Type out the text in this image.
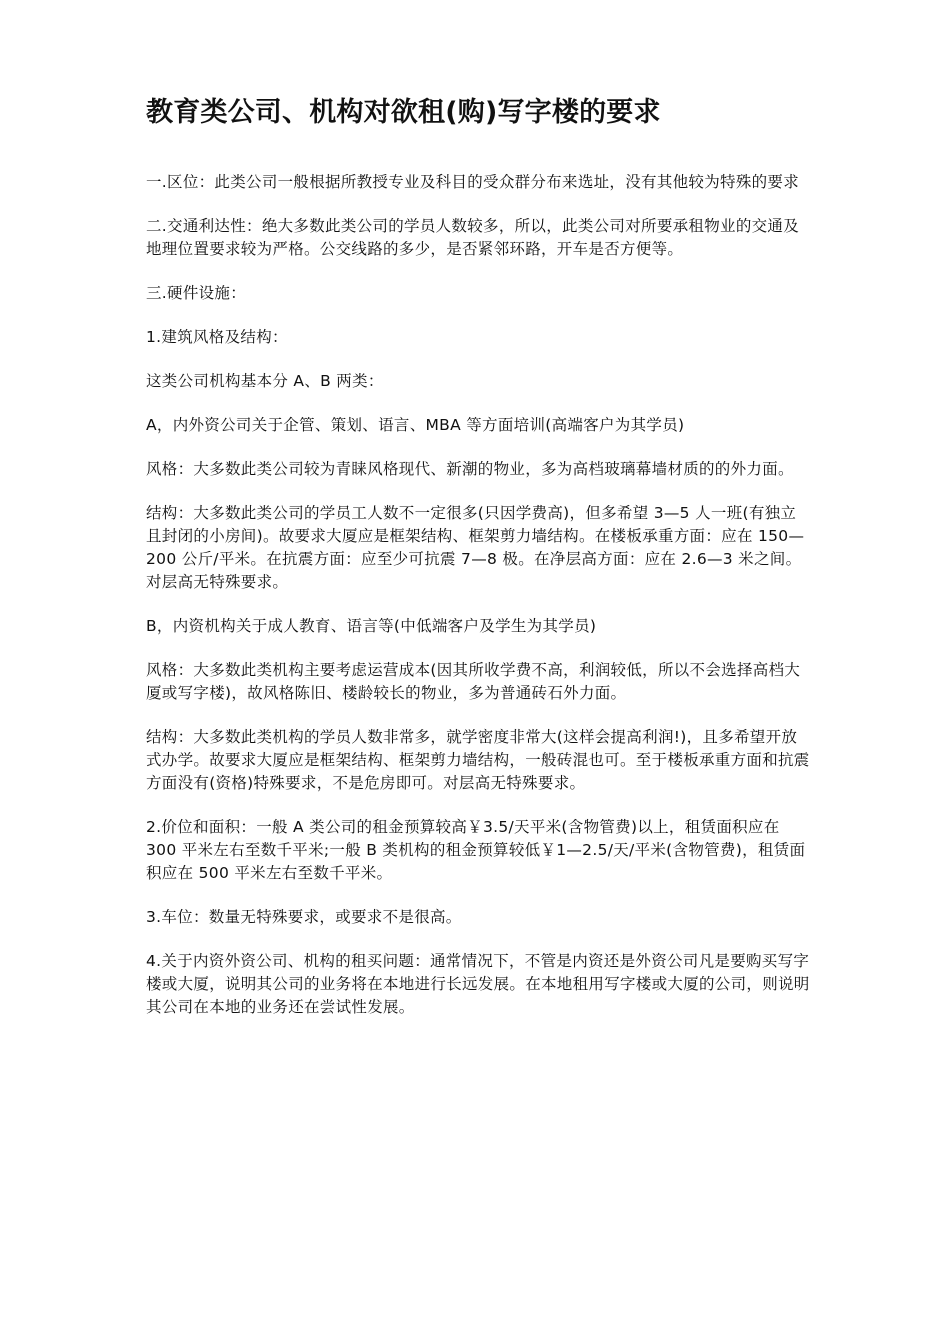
教育类公司、机构对欲租(购)写字楼的要求

一.区位：此类公司一般根据所教授专业及科目的受众群分布来选址，没有其他较为特殊的要求

二.交通利达性：绝大多数此类公司的学员人数较多，所以，此类公司对所要承租物业的交通及地理位置要求较为严格。公交线路的多少，是否紧邻环路，开车是否方便等。

三.硬件设施：

1.建筑风格及结构：

这类公司机构基本分 A、B 两类：

A，内外资公司关于企管、策划、语言、MBA 等方面培训(高端客户为其学员)

风格：大多数此类公司较为青睐风格现代、新潮的物业，多为高档玻璃幕墙材质的的外力面。

结构：大多数此类公司的学员工人数不一定很多(只因学费高)，但多希望 3—5 人一班(有独立且封闭的小房间)。故要求大厦应是框架结构、框架剪力墙结构。在楼板承重方面：应在 150—200 公斤/平米。在抗震方面：应至少可抗震 7—8 极。在净层高方面：应在 2.6—3 米之间。对层高无特殊要求。

B，内资机构关于成人教育、语言等(中低端客户及学生为其学员)

风格：大多数此类机构主要考虑运营成本(因其所收学费不高，利润较低，所以不会选择高档大厦或写字楼)，故风格陈旧、楼龄较长的物业，多为普通砖石外力面。

结构：大多数此类机构的学员人数非常多，就学密度非常大(这样会提高利润!)，且多希望开放式办学。故要求大厦应是框架结构、框架剪力墙结构，一般砖混也可。至于楼板承重方面和抗震方面没有(资格)特殊要求，不是危房即可。对层高无特殊要求。

2.价位和面积：一般 A 类公司的租金预算较高￥3.5/天平米(含物管费)以上，租赁面积应在 300 平米左右至数千平米;一般 B 类机构的租金预算较低￥1—2.5/天/平米(含物管费)，租赁面积应在 500 平米左右至数千平米。

3.车位：数量无特殊要求，或要求不是很高。

4.关于内资外资公司、机构的租买问题：通常情况下，不管是内资还是外资公司凡是要购买写字楼或大厦，说明其公司的业务将在本地进行长远发展。在本地租用写字楼或大厦的公司，则说明其公司在本地的业务还在尝试性发展。
